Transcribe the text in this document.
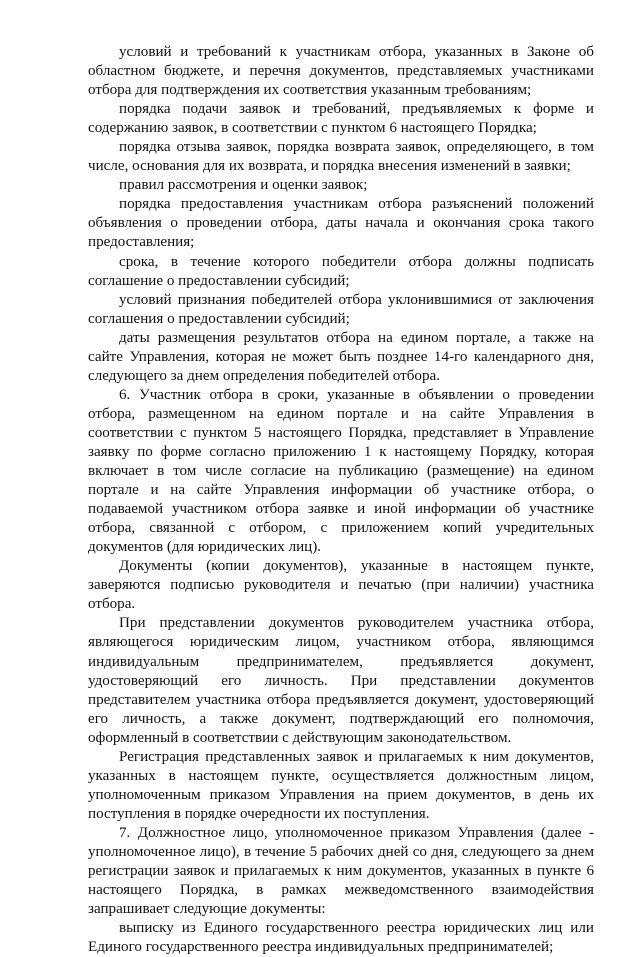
условий и требований к участникам отбора, указанных в Законе об областном бюджете, и перечня документов, представляемых участниками отбора для подтверждения их соответствия указанным требованиям;

порядка подачи заявок и требований, предъявляемых к форме и содержанию заявок, в соответствии с пунктом 6 настоящего Порядка;

порядка отзыва заявок, порядка возврата заявок, определяющего, в том числе, основания для их возврата, и порядка внесения изменений в заявки;

правил рассмотрения и оценки заявок;

порядка предоставления участникам отбора разъяснений положений объявления о проведении отбора, даты начала и окончания срока такого предоставления;

срока, в течение которого победители отбора должны подписать соглашение о предоставлении субсидий;

условий признания победителей отбора уклонившимися от заключения соглашения о предоставлении субсидий;

даты размещения результатов отбора на едином портале, а также на сайте Управления, которая не может быть позднее 14-го календарного дня, следующего за днем определения победителей отбора.

6. Участник отбора в сроки, указанные в объявлении о проведении отбора, размещенном на едином портале и на сайте Управления в соответствии с пунктом 5 настоящего Порядка, представляет в Управление заявку по форме согласно приложению 1 к настоящему Порядку, которая включает в том числе согласие на публикацию (размещение) на едином портале и на сайте Управления информации об участнике отбора, о подаваемой участником отбора заявке и иной информации об участнике отбора, связанной с отбором, с приложением копий учредительных документов (для юридических лиц).

Документы (копии документов), указанные в настоящем пункте, заверяются подписью руководителя и печатью (при наличии) участника отбора.

При представлении документов руководителем участника отбора, являющегося юридическим лицом, участником отбора, являющимся индивидуальным предпринимателем, предъявляется документ, удостоверяющий его личность. При представлении документов представителем участника отбора предъявляется документ, удостоверяющий его личность, а также документ, подтверждающий его полномочия, оформленный в соответствии с действующим законодательством.

Регистрация представленных заявок и прилагаемых к ним документов, указанных в настоящем пункте, осуществляется должностным лицом, уполномоченным приказом Управления на прием документов, в день их поступления в порядке очередности их поступления.

7. Должностное лицо, уполномоченное приказом Управления (далее - уполномоченное лицо), в течение 5 рабочих дней со дня, следующего за днем регистрации заявок и прилагаемых к ним документов, указанных в пункте 6 настоящего Порядка, в рамках межведомственного взаимодействия запрашивает следующие документы:

выписку из Единого государственного реестра юридических лиц или Единого государственного реестра индивидуальных предпринимателей;
